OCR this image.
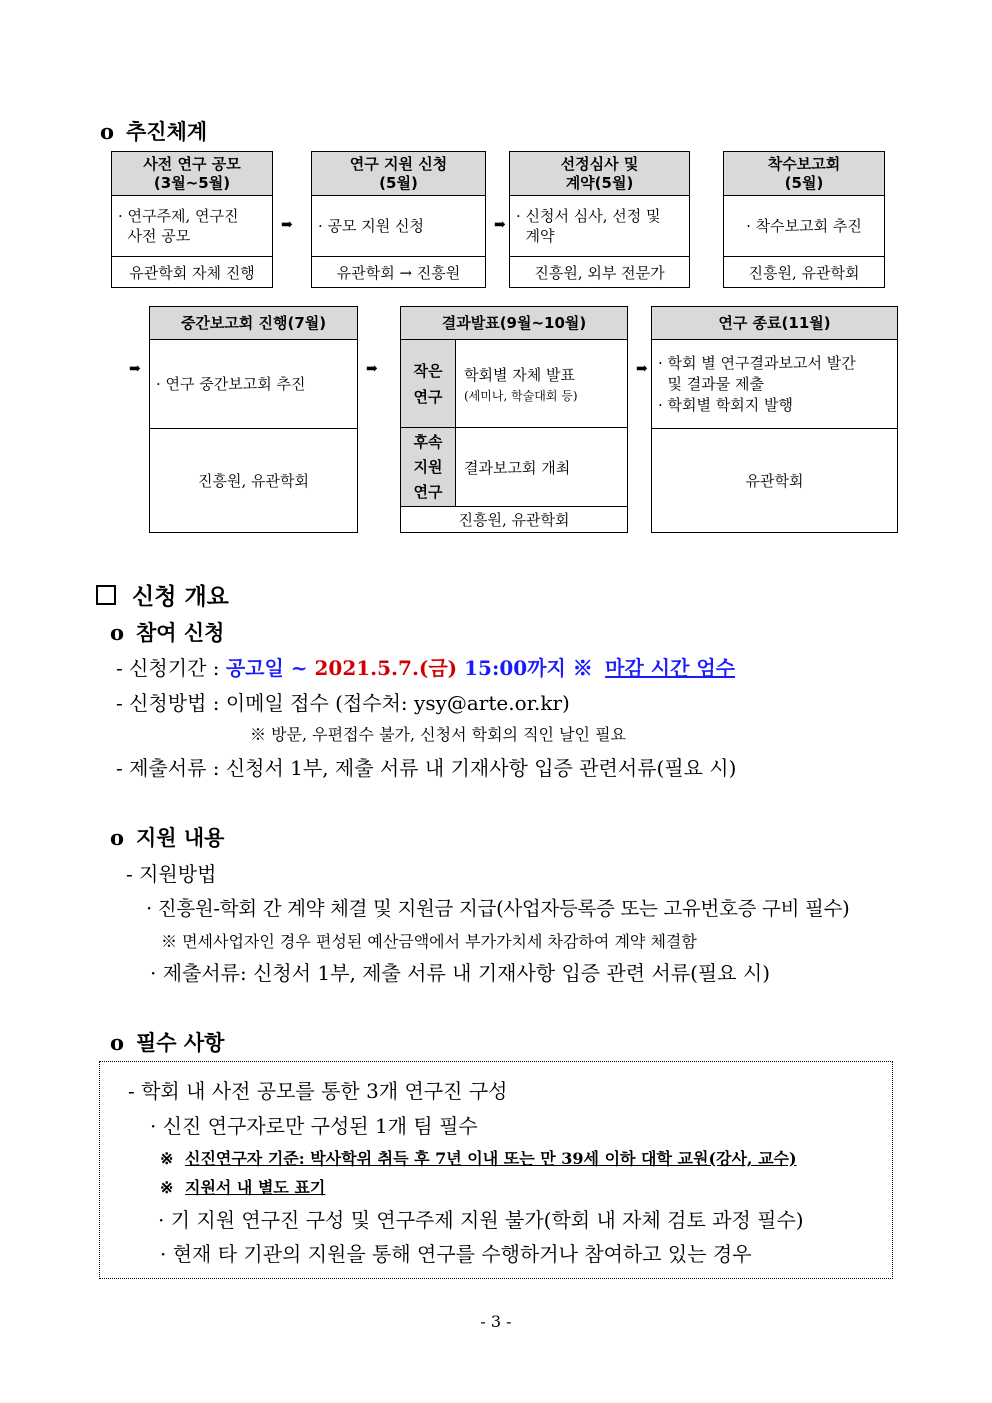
o 추진체계
사전 연구 공모
(3월~5월)
· 연구주제, 연구진
사전 공모
유관학회 자체 진행
➡
연구 지원 신청
(5월)
· 공모 지원 신청
유관학회 → 진흥원
➡
선정심사 및
계약(5월)
· 신청서 심사, 선정 및
계약
진흥원, 외부 전문가
착수보고회
(5월)
· 착수보고회 추진
진흥원, 유관학회
➡
중간보고회 진행(7월)
· 연구 중간보고회 추진
진흥원, 유관학회
➡
결과발표(9월~10월)
작은
연구
학회별 자체 발표
(세미나, 학술대회 등)
후속
지원
연구
결과보고회 개최
진흥원, 유관학회
➡
연구 종료(11월)
· 학회 별 연구결과보고서 발간
및 결과물 제출
· 학회별 학회지 발행
유관학회
신청 개요
o 참여 신청
- 신청기간 : 공고일 ~ 2021.5.7.(금) 15:00까지 ※ 마감 시간 엄수
- 신청방법 : 이메일 접수 (접수처: ysy@arte.or.kr)
※ 방문, 우편접수 불가, 신청서 학회의 직인 날인 필요
- 제출서류 : 신청서 1부, 제출 서류 내 기재사항 입증 관련서류(필요 시)
o 지원 내용
- 지원방법
· 진흥원-학회 간 계약 체결 및 지원금 지급(사업자등록증 또는 고유번호증 구비 필수)
※ 면세사업자인 경우 편성된 예산금액에서 부가가치세 차감하여 계약 체결함
· 제출서류: 신청서 1부, 제출 서류 내 기재사항 입증 관련 서류(필요 시)
o 필수 사항
- 학회 내 사전 공모를 통한 3개 연구진 구성
· 신진 연구자로만 구성된 1개 팀 필수
※ 신진연구자 기준: 박사학위 취득 후 7년 이내 또는 만 39세 이하 대학 교원(강사, 교수)
※ 지원서 내 별도 표기
· 기 지원 연구진 구성 및 연구주제 지원 불가(학회 내 자체 검토 과정 필수)
· 현재 타 기관의 지원을 통해 연구를 수행하거나 참여하고 있는 경우
- 3 -
